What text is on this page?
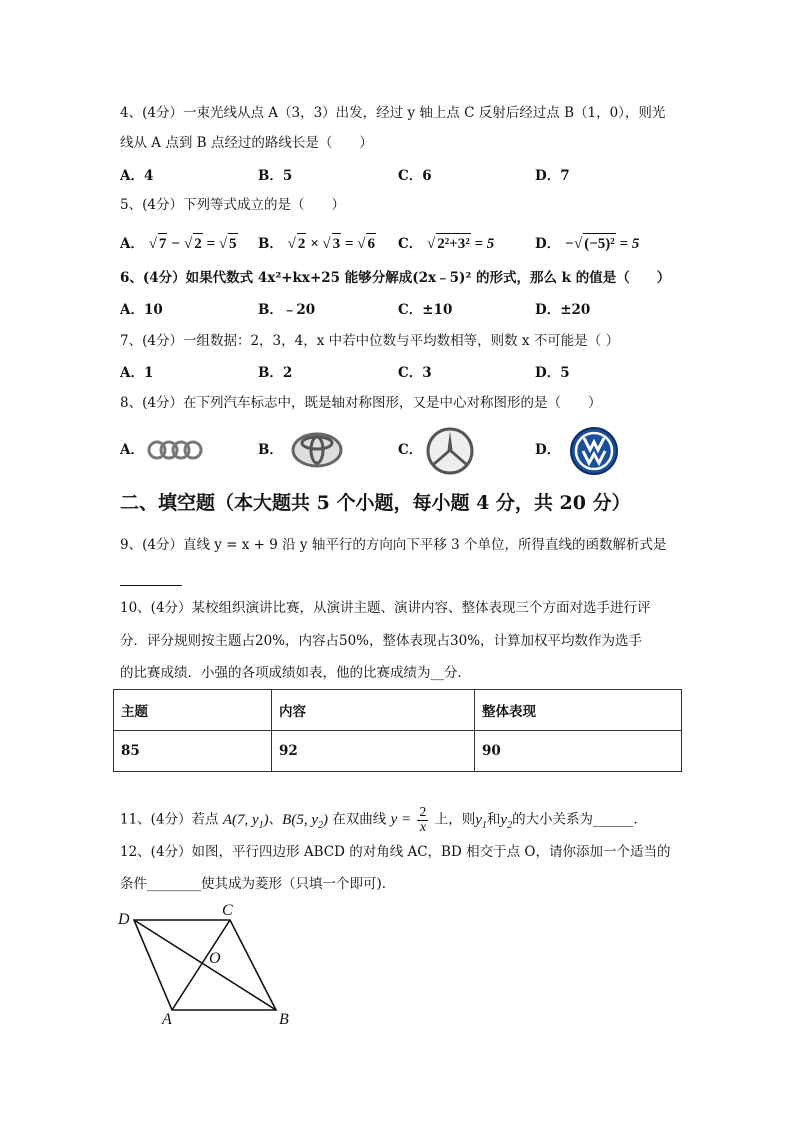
4、(4分）一束光线从点 A（3，3）出发，经过 y 轴上点 C 反射后经过点 B（1，0），则光
线从 A 点到 B 点经过的路线长是（　　）
A．4	B．5	C．6	D．7
5、(4分）下列等式成立的是（　　）
A． √ 7 − √ 2 = √ 5 B． √ 2 × √ 3 = √ 6 C． √ 2²+3² = 5	D． −√ (−5)² = 5
6、(4分）如果代数式 4x²+kx+25 能够分解成(2x﹣5)² 的形式，那么 k 的值是（　　）
A．10	B．﹣20	C．±10	D．±20
7、(4分）一组数据：2，3，4，x 中若中位数与平均数相等，则数 x 不可能是（ ）
A．1	B．2	C．3	D．5
8、(4分）在下列汽车标志中，既是轴对称图形，又是中心对称图形的是（　　）
A．	B．	C．	D．
二、填空题（本大题共 5 个小题，每小题 4 分，共 20 分）
9、(4分）直线 y = x + 9 沿 y 轴平行的方向向下平移 3 个单位，所得直线的函数解析式是
10、(4分）某校组织演讲比赛，从演讲主题、演讲内容、整体表现三个方面对选手进行评
分．评分规则按主题占20%，内容占50%，整体表现占30%，计算加权平均数作为选手
的比赛成绩．小强的各项成绩如表，他的比赛成绩为__分．
主题	内容	整体表现
85	92	90
11、(4分）若点 A(7, $y_1$)、B(5, $y_2$) 在双曲线 y = 2
x 上，则$y_1$和$y_2$的大小关系为______.
12、(4分）如图，平行四边形 ABCD 的对角线 AC，BD 相交于点 O，请你添加一个适当的
条件________使其成为菱形（只填一个即可)．
D
C
O
A	B
